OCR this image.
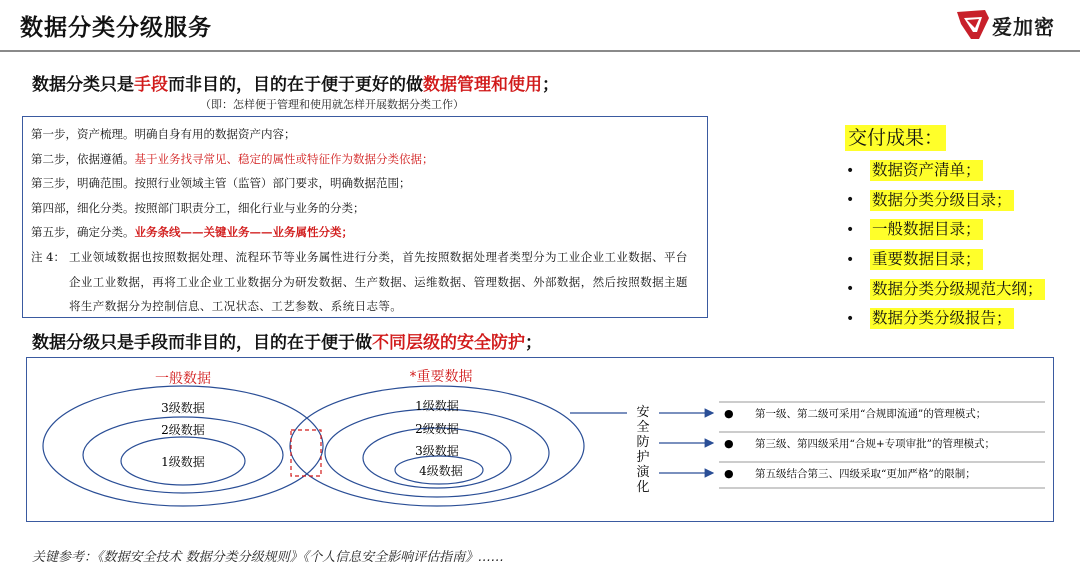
数据分类分级服务	爱加密
数据分类只是手段而非目的，目的在于便于更好的做数据管理和使用；
（即：怎样便于管理和使用就怎样开展数据分类工作）
第一步，资产梳理。明确自身有用的数据资产内容；
第二步，依据遵循。基于业务找寻常见、稳定的属性或特征作为数据分类依据；
第三步，明确范围。按照行业领域主管（监管）部门要求，明确数据范围；
第四部，细化分类。按照部门职责分工，细化行业与业务的分类；
第五步，确定分类。业务条线——关键业务——业务属性分类；
注 4： 工业领域数据也按照数据处理、流程环节等业务属性进行分类，首先按照数据处理者类型分为工业企业工业数据、平台企业工业数据，再将工业企业工业数据分为研发数据、生产数据、运维数据、管理数据、外部数据，然后按照数据主题将生产数据分为控制信息、工况状态、工艺参数、系统日志等。
交付成果：
•	数据资产清单；
•	数据分类分级目录；
•	一般数据目录；
•	重要数据目录；
•	数据分类分级规范大纲；
•	数据分类分级报告；
数据分级只是手段而非目的，目的在于便于做不同层级的安全防护；
一般数据
3级数据
2级数据
1级数据
*重要数据
1级数据
2级数据
3级数据
4级数据
安全防护演化
● 第一级、第二级可采用“合规即流通”的管理模式；
● 第三级、第四级采用“合规+专项审批”的管理模式；
● 第五级结合第三、四级采取“更加严格”的限制；
关键参考：《数据安全技术 数据分类分级规则》《个人信息安全影响评估指南》……
